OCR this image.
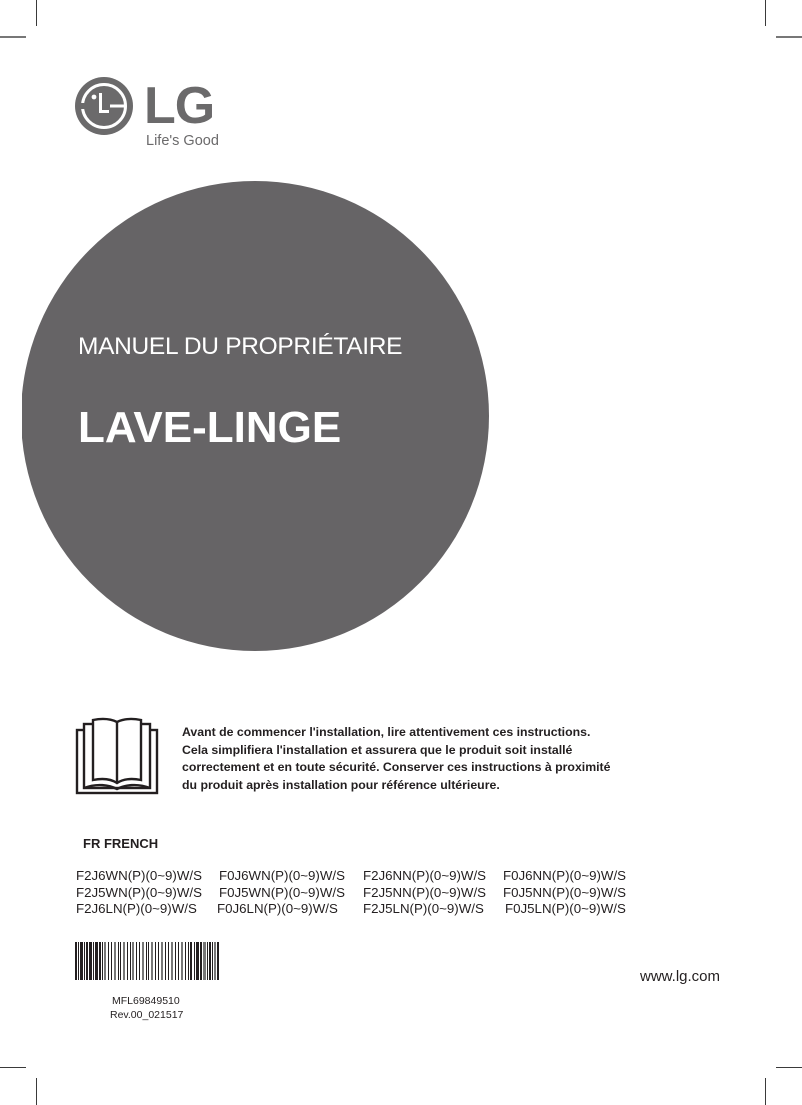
LG
Life's Good
MANUEL DU PROPRIÉTAIRE
LAVE-LINGE
Avant de commencer l'installation, lire attentivement ces instructions.
Cela simplifiera l'installation et assurera que le produit soit installé
correctement et en toute sécurité. Conserver ces instructions à proximité
du produit après installation pour référence ultérieure.
FR FRENCH
F2J6WN(P)(0~9)W/S	F0J6WN(P)(0~9)W/S	F2J6NN(P)(0~9)W/S	F0J6NN(P)(0~9)W/S
F2J5WN(P)(0~9)W/S	F0J5WN(P)(0~9)W/S	F2J5NN(P)(0~9)W/S	F0J5NN(P)(0~9)W/S
F2J6LN(P)(0~9)W/S	F0J6LN(P)(0~9)W/S	F2J5LN(P)(0~9)W/S	F0J5LN(P)(0~9)W/S
MFL69849510
Rev.00_021517
www.lg.com
